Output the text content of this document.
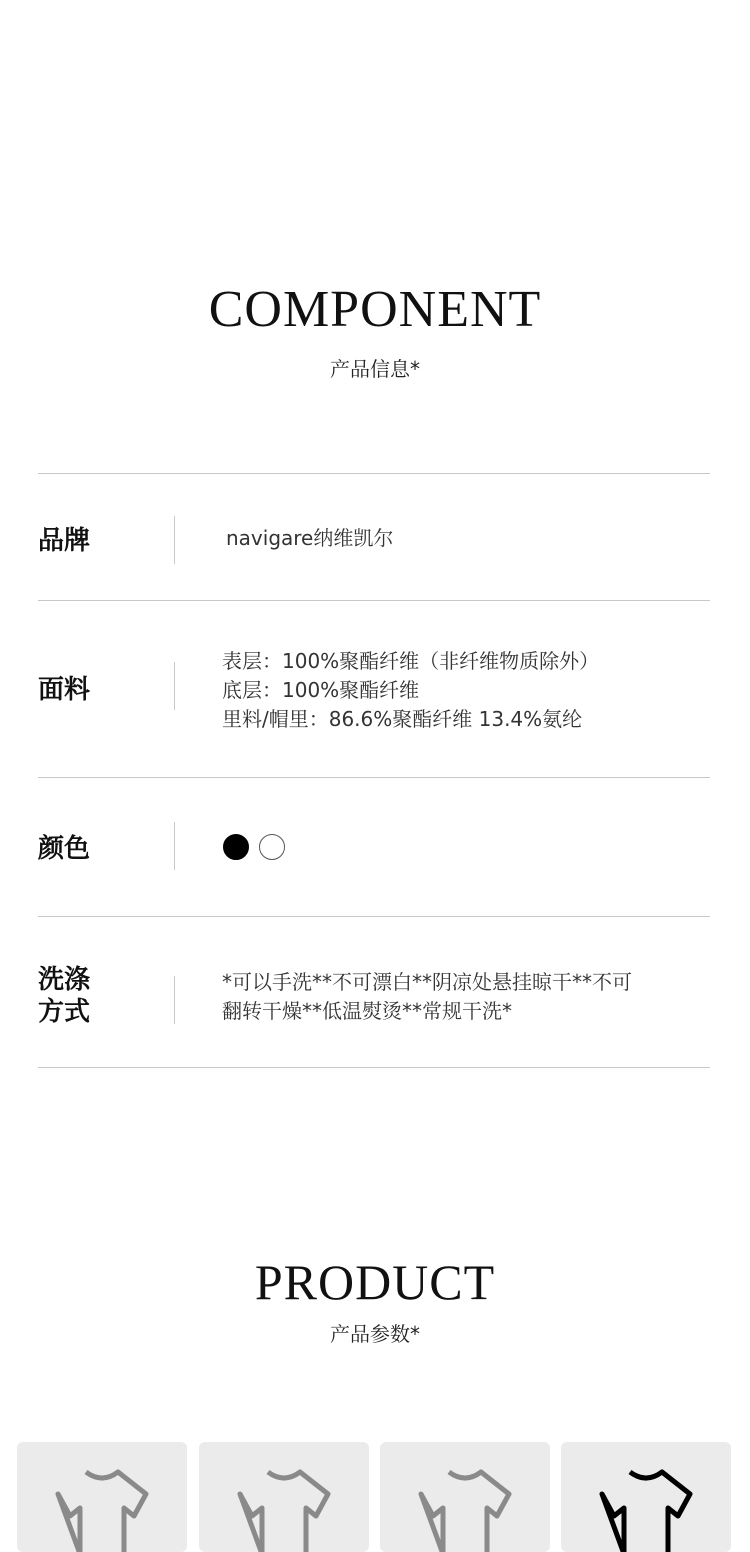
COMPONENT
产品信息*
品牌	navigare纳维凯尔
面料
表层：100%聚酯纤维（非纤维物质除外）
底层：100%聚酯纤维
里料/帽里：86.6%聚酯纤维 13.4%氨纶
颜色
洗涤
方式
*可以手洗**不可漂白**阴凉处悬挂晾干**不可
翻转干燥**低温熨烫**常规干洗*
PRODUCT
产品参数*
